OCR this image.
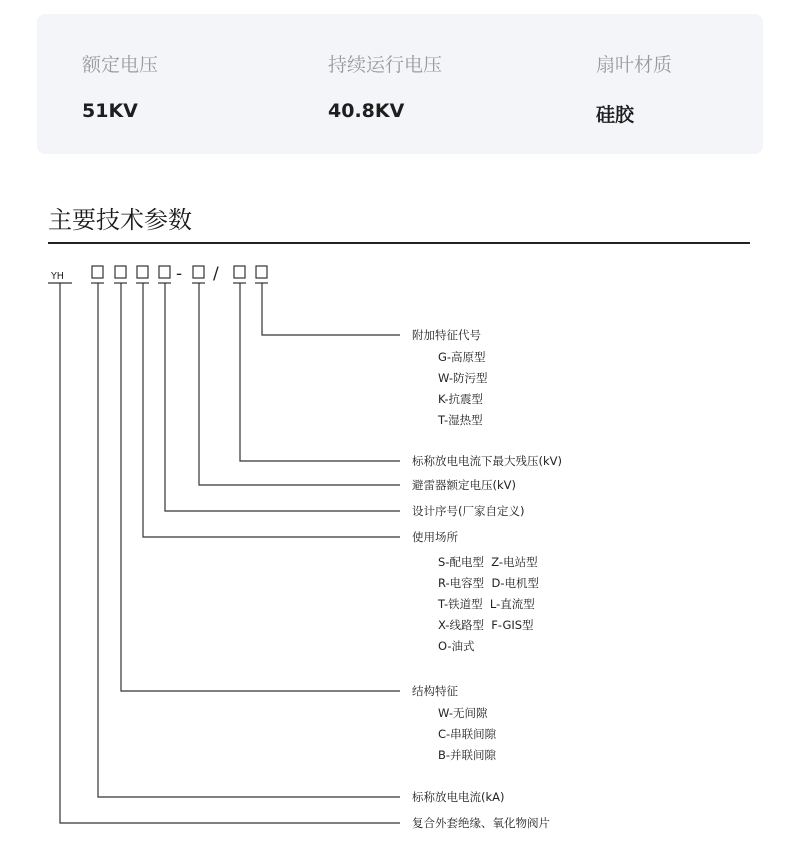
额定电压
51KV
持续运行电压
40.8KV
扇叶材质
硅胶
主要技术参数
YH	- /
附加特征代号
G-高原型
W-防污型
K-抗震型
T-湿热型
标称放电电流下最大残压(kV)
避雷器额定电压(kV)
设计序号(厂家自定义)
使用场所
S-配电型  Z-电站型
R-电容型  D-电机型
T-铁道型  L-直流型
X-线路型  F-GIS型
O-油式
结构特征
W-无间隙
C-串联间隙
B-并联间隙
标称放电电流(kA)
复合外套绝缘、氧化物阀片
